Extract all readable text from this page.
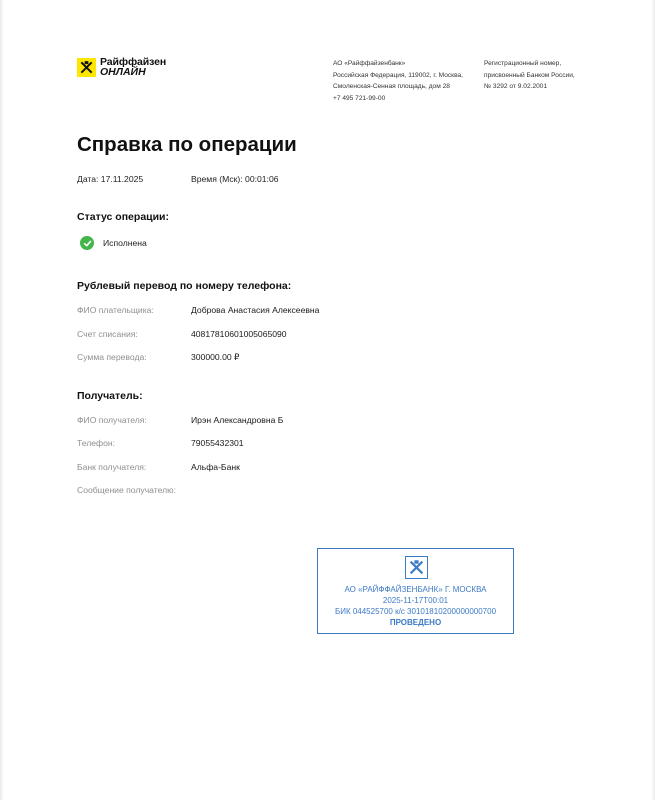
Райффайзен
ОНЛАЙН
АО «Райффайзенбанк»
Российская Федерация, 119002, г. Москва,
Смоленская-Сенная площадь, дом 28
+7 495 721-99-00
Регистрационный номер,
присвоенный Банком России,
№ 3292 от 9.02.2001
Справка по операции
Дата: 17.11.2025	Время (Мск): 00:01:06
Статус операции:
Исполнена
Рублевый перевод по номеру телефона:
ФИО плательщика:	Доброва Анастасия Алексеевна
Счет списания:	40817810601005065090
Сумма перевода:	300000.00 ₽
Получатель:
ФИО получателя:	Ирэн Александровна Б
Телефон:	79055432301
Банк получателя:	Альфа-Банк
Сообщение получателю:
АО «РАЙФФАЙЗЕНБАНК» Г. МОСКВА
2025-11-17T00:01
БИК 044525700 к/с 30101810200000000700
ПРОВЕДЕНО
